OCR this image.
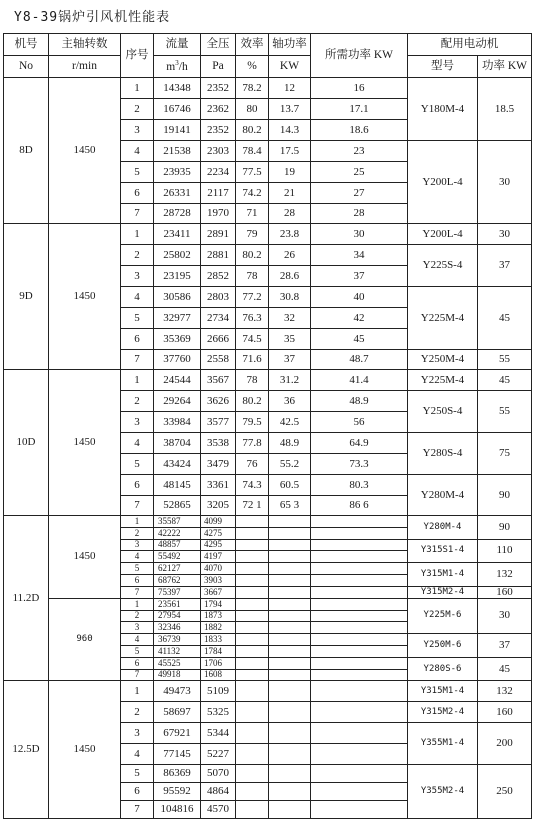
Y8-39锅炉引风机性能表
机号	主轴转数	序号	流量	全压	效率	轴功率	所需功率 KW	配用电动机	
No	r/min		$m^3/h$	Pa	%	KW		型号	功率 KW
8D	1450	1	14348	2352	78.2	12	16	Y180M-4	18.5
		2	16746	2362	80	13.7	17.1		
		3	19141	2352	80.2	14.3	18.6		
		4	21538	2303	78.4	17.5	23	Y200L-4	30
		5	23935	2234	77.5	19	25		
		6	26331	2117	74.2	21	27		
		7	28728	1970	71	28	28		
9D	1450	1	23411	2891	79	23.8	30	Y200L-4	30
		2	25802	2881	80.2	26	34	Y225S-4	37
		3	23195	2852	78	28.6	37		
		4	30586	2803	77.2	30.8	40	Y225M-4	45
		5	32977	2734	76.3	32	42		
		6	35369	2666	74.5	35	45		
		7	37760	2558	71.6	37	48.7	Y250M-4	55
10D	1450	1	24544	3567	78	31.2	41.4	Y225M-4	45
		2	29264	3626	80.2	36	48.9	Y250S-4	55
		3	33984	3577	79.5	42.5	56		
		4	38704	3538	77.8	48.9	64.9	Y280S-4	75
		5	43424	3479	76	55.2	73.3		
		6	48145	3361	74.3	60.5	80.3	Y280M-4	90
		7	52865	3205	72 1	65 3	86 6		
11.2D	1450	1	35587	4099				Y280M-4	90
		2	42222	4275					
		3	48857	4295				Y315S1-4	110
		4	55492	4197					
		5	62127	4070				Y315M1-4	132
		6	68762	3903					
		7	75397	3667				Y315M2-4	160
	960	1	23561	1794				Y225M-6	30
		2	27954	1873					
		3	32346	1882					
		4	36739	1833				Y250M-6	37
		5	41132	1784					
		6	45525	1706				Y280S-6	45
		7	49918	1608					
12.5D	1450	1	49473	5109				Y315M1-4	132
		2	58697	5325				Y315M2-4	160
		3	67921	5344				Y355M1-4	200
		4	77145	5227					
		5	86369	5070				Y355M2-4	250
		6	95592	4864					
		7	104816	4570					
